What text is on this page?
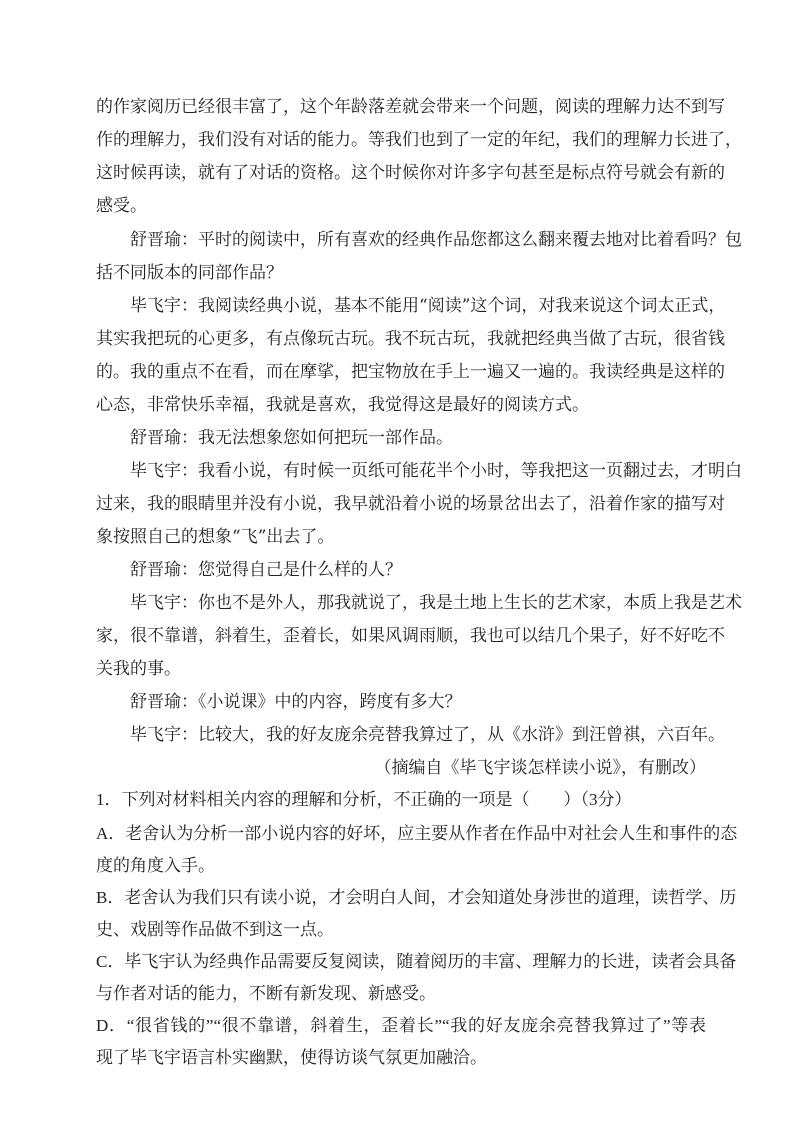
的作家阅历已经很丰富了，这个年龄落差就会带来一个问题，阅读的理解力达不到写
作的理解力，我们没有对话的能力。等我们也到了一定的年纪，我们的理解力长进了，
这时候再读，就有了对话的资格。这个时候你对许多字句甚至是标点符号就会有新的
感受。
舒晋瑜：平时的阅读中，所有喜欢的经典作品您都这么翻来覆去地对比着看吗？包
括不同版本的同部作品？
毕飞宇：我阅读经典小说，基本不能用“阅读”这个词，对我来说这个词太正式，
其实我把玩的心更多，有点像玩古玩。我不玩古玩，我就把经典当做了古玩，很省钱
的。我的重点不在看，而在摩挲，把宝物放在手上一遍又一遍的。我读经典是这样的
心态，非常快乐幸福，我就是喜欢，我觉得这是最好的阅读方式。
舒晋瑜：我无法想象您如何把玩一部作品。
毕飞宇：我看小说，有时候一页纸可能花半个小时，等我把这一页翻过去，才明白
过来，我的眼睛里并没有小说，我早就沿着小说的场景岔出去了，沿着作家的描写对
象按照自己的想象“飞”出去了。
舒晋瑜：您觉得自己是什么样的人？
毕飞宇：你也不是外人，那我就说了，我是土地上生长的艺术家，本质上我是艺术
家，很不靠谱，斜着生，歪着长，如果风调雨顺，我也可以结几个果子，好不好吃不
关我的事。
舒晋瑜：《小说课》中的内容，跨度有多大？
毕飞宇：比较大，我的好友庞余亮替我算过了，从《水浒》到汪曾祺，六百年。
（摘编自《毕飞宇谈怎样读小说》，有删改）
1．下列对材料相关内容的理解和分析，不正确的一项是（　　）（3分）
A．老舍认为分析一部小说内容的好坏，应主要从作者在作品中对社会人生和事件的态
度的角度入手。
B．老舍认为我们只有读小说，才会明白人间，才会知道处身涉世的道理，读哲学、历
史、戏剧等作品做不到这一点。
C．毕飞宇认为经典作品需要反复阅读，随着阅历的丰富、理解力的长进，读者会具备
与作者对话的能力，不断有新发现、新感受。
D．“很省钱的”“很不靠谱，斜着生，歪着长”“我的好友庞余亮替我算过了”等表
现了毕飞宇语言朴实幽默，使得访谈气氛更加融洽。
